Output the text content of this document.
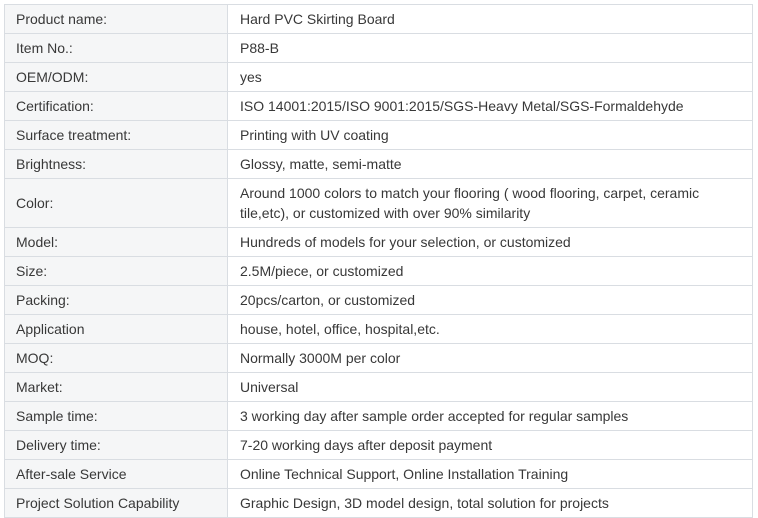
Product name:	Hard PVC Skirting Board
Item No.:	P88-B
OEM/ODM:	yes
Certification:	ISO 14001:2015/ISO 9001:2015/SGS-Heavy Metal/SGS-Formaldehyde
Surface treatment:	Printing with UV coating
Brightness:	Glossy, matte, semi-matte
Color:	Around 1000 colors to match your flooring ( wood flooring, carpet, ceramic tile,etc), or customized with over 90% similarity
Model:	Hundreds of models for your selection, or customized
Size:	2.5M/piece, or customized
Packing:	20pcs/carton, or customized
Application	house, hotel, office, hospital,etc.
MOQ:	Normally 3000M per color
Market:	Universal
Sample time:	3 working day after sample order accepted for regular samples
Delivery time:	7-20 working days after deposit payment
After-sale Service	Online Technical Support, Online Installation Training
Project Solution Capability	Graphic Design, 3D model design, total solution for projects
